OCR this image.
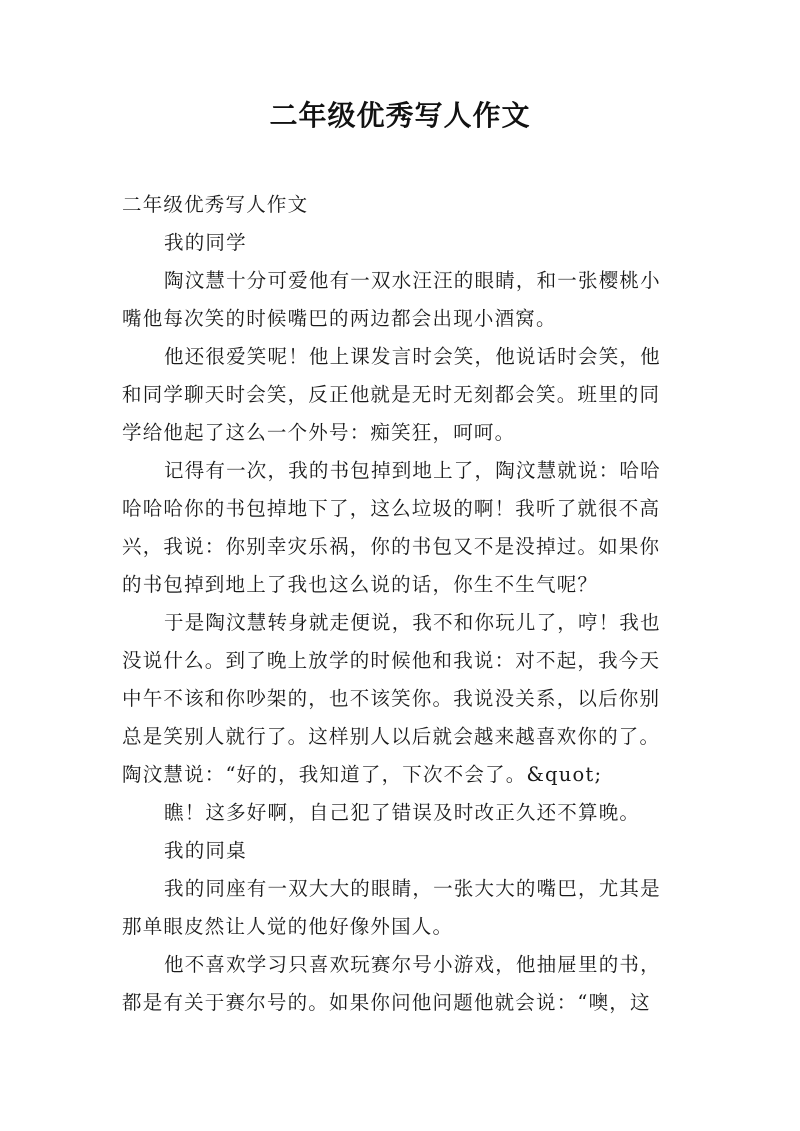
二年级优秀写人作文
二年级优秀写人作文
我的同学
陶汶慧十分可爱他有一双水汪汪的眼睛，和一张樱桃小
嘴他每次笑的时候嘴巴的两边都会出现小酒窝。
他还很爱笑呢！他上课发言时会笑，他说话时会笑，他
和同学聊天时会笑，反正他就是无时无刻都会笑。班里的同
学给他起了这么一个外号：痴笑狂，呵呵。
记得有一次，我的书包掉到地上了，陶汶慧就说：哈哈
哈哈哈你的书包掉地下了，这么垃圾的啊！我听了就很不高
兴，我说：你别幸灾乐祸，你的书包又不是没掉过。如果你
的书包掉到地上了我也这么说的话，你生不生气呢？
于是陶汶慧转身就走便说，我不和你玩儿了，哼！我也
没说什么。到了晚上放学的时候他和我说：对不起，我今天
中午不该和你吵架的，也不该笑你。我说没关系，以后你别
总是笑别人就行了。这样别人以后就会越来越喜欢你的了。
陶汶慧说：“好的，我知道了，下次不会了。&quot;
瞧！这多好啊，自己犯了错误及时改正久还不算晚。
我的同桌
我的同座有一双大大的眼睛，一张大大的嘴巴，尤其是
那单眼皮然让人觉的他好像外国人。
他不喜欢学习只喜欢玩赛尔号小游戏，他抽屉里的书，
都是有关于赛尔号的。如果你问他问题他就会说：“噢，这
